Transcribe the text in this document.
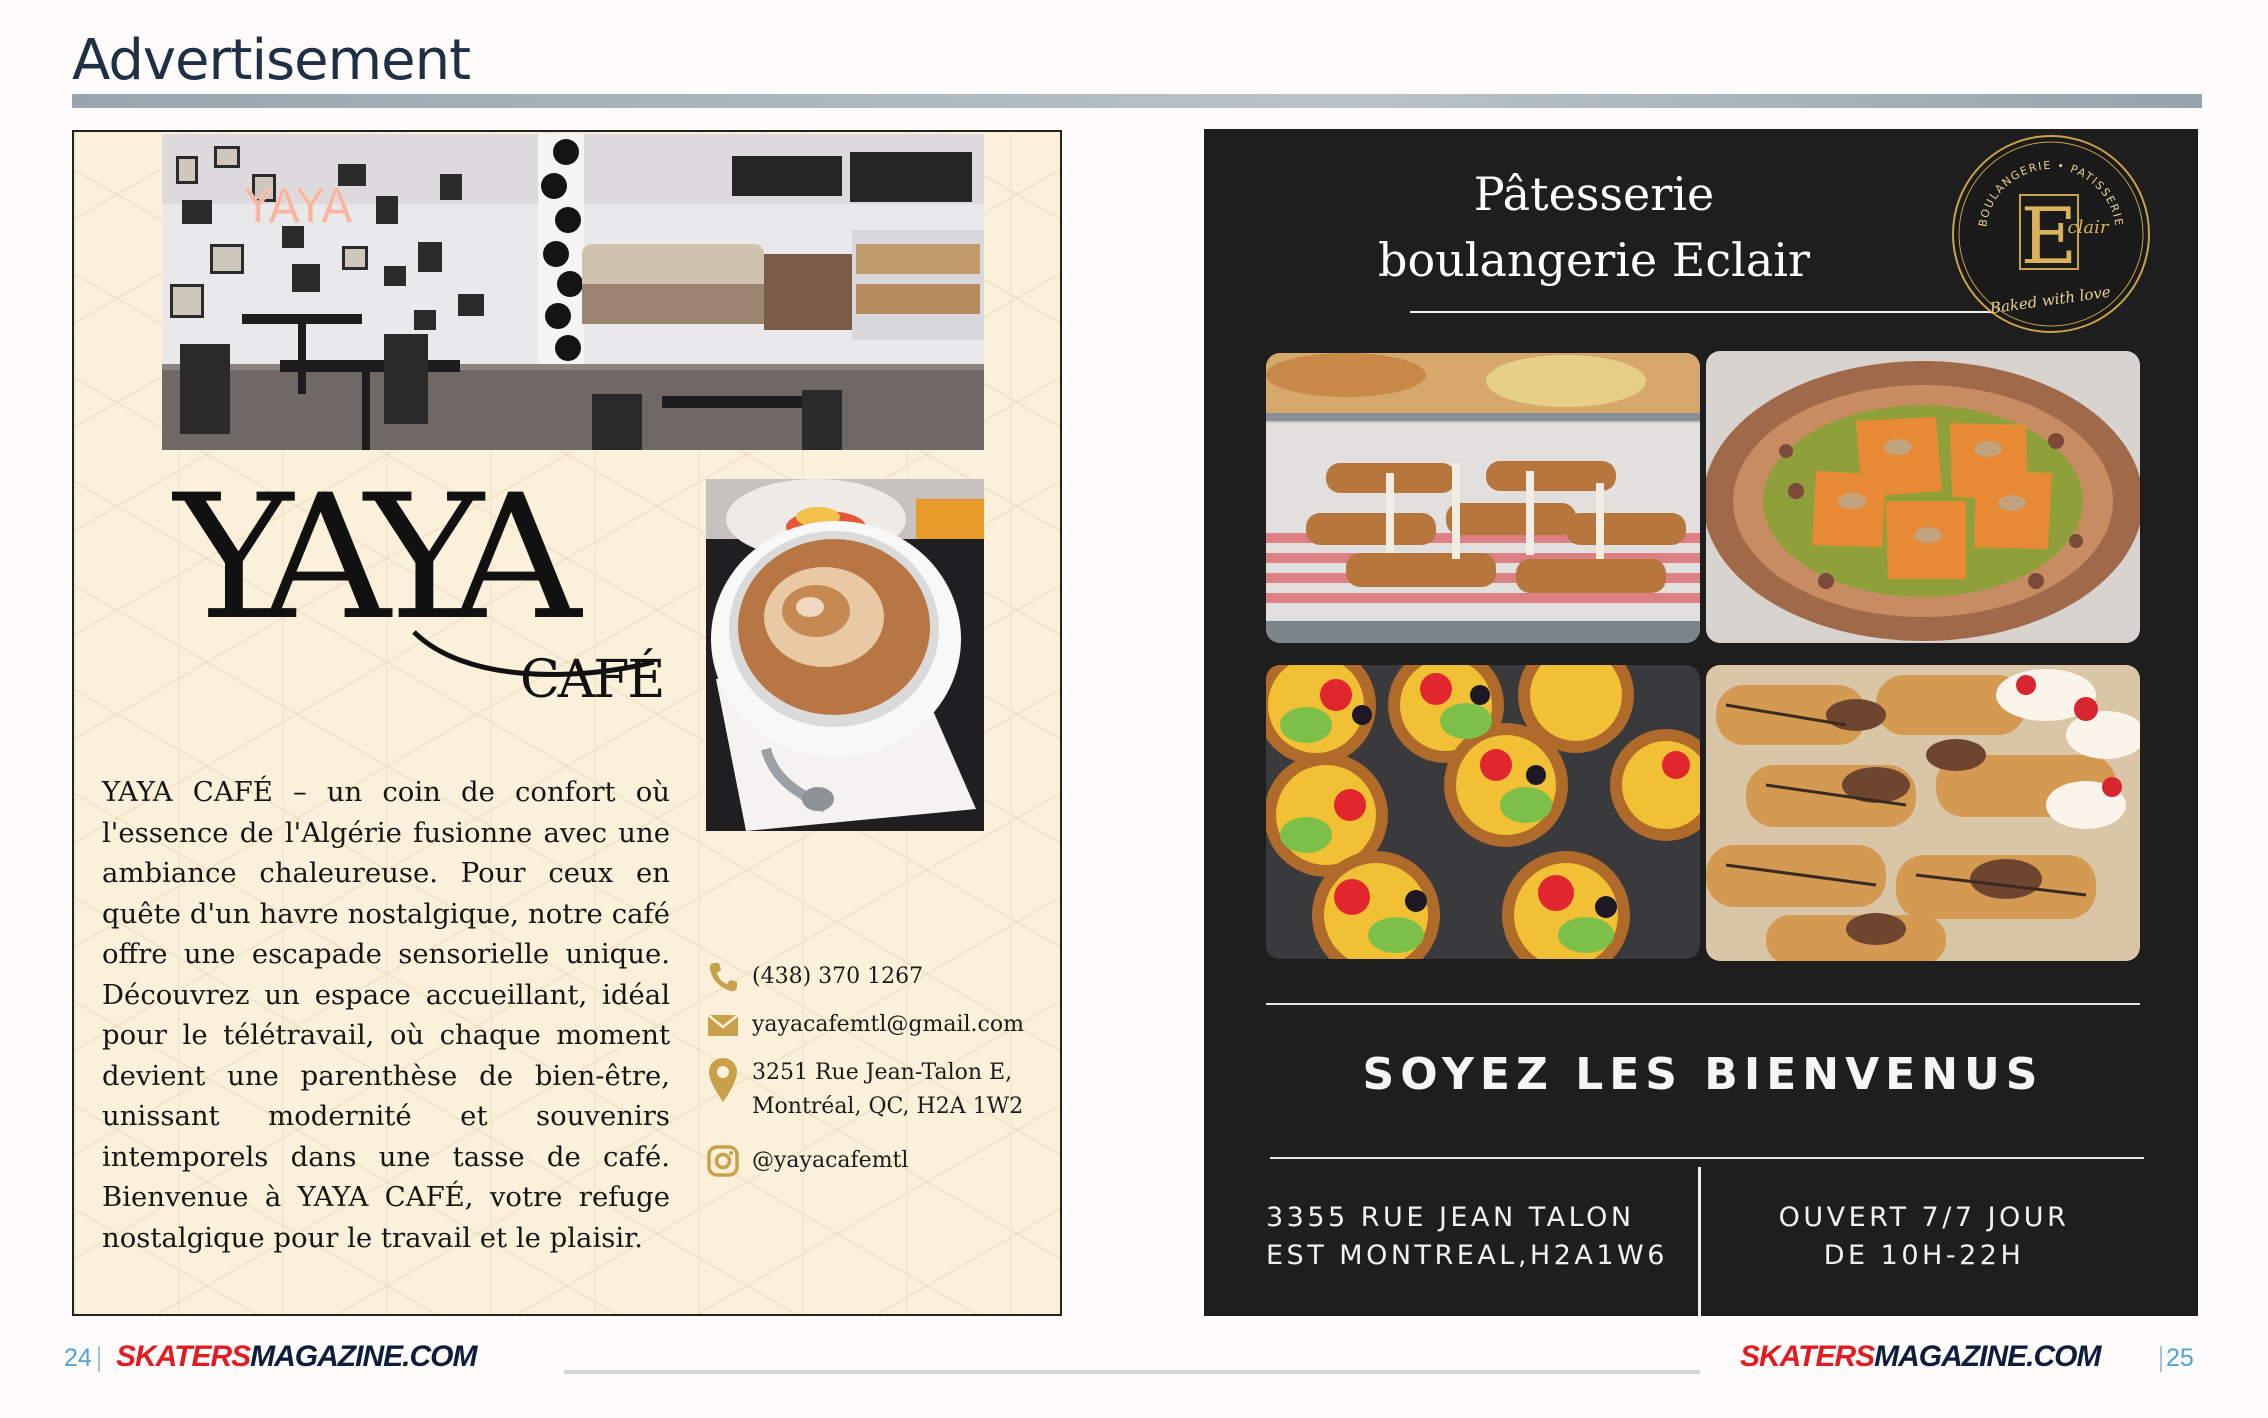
Advertisement
YAYA
YAYA
CAFÉ

YAYA CAFÉ – un coin de confort où l'essence de l'Algérie fusionne avec une ambiance chaleureuse. Pour ceux en quête d'un havre nostalgique, notre café offre une escapade sensorielle unique. Découvrez un espace accueillant, idéal pour le télétravail, où chaque moment devient une parenthèse de bien-être, unissant modernité et souvenirs intemporels dans une tasse de café. Bienvenue à YAYA CAFÉ, votre refuge nostalgique pour le travail et le plaisir.

(438) 370 1267
yayacafemtl@gmail.com
3251 Rue Jean-Talon E,
Montréal, QC, H2A 1W2
@yayacafemtl
Pâtesserie boulangerie Eclair
BOULANGERIE • PATISSERIE
E
clair
Baked with love
SOYEZ LES BIENVENUS
3355 RUE JEAN TALON
EST MONTREAL,H2A1W6
OUVERT 7/7 JOUR
DE 10H-22H
24 SKATERSMAGAZINE.COM	SKATERSMAGAZINE.COM	25
